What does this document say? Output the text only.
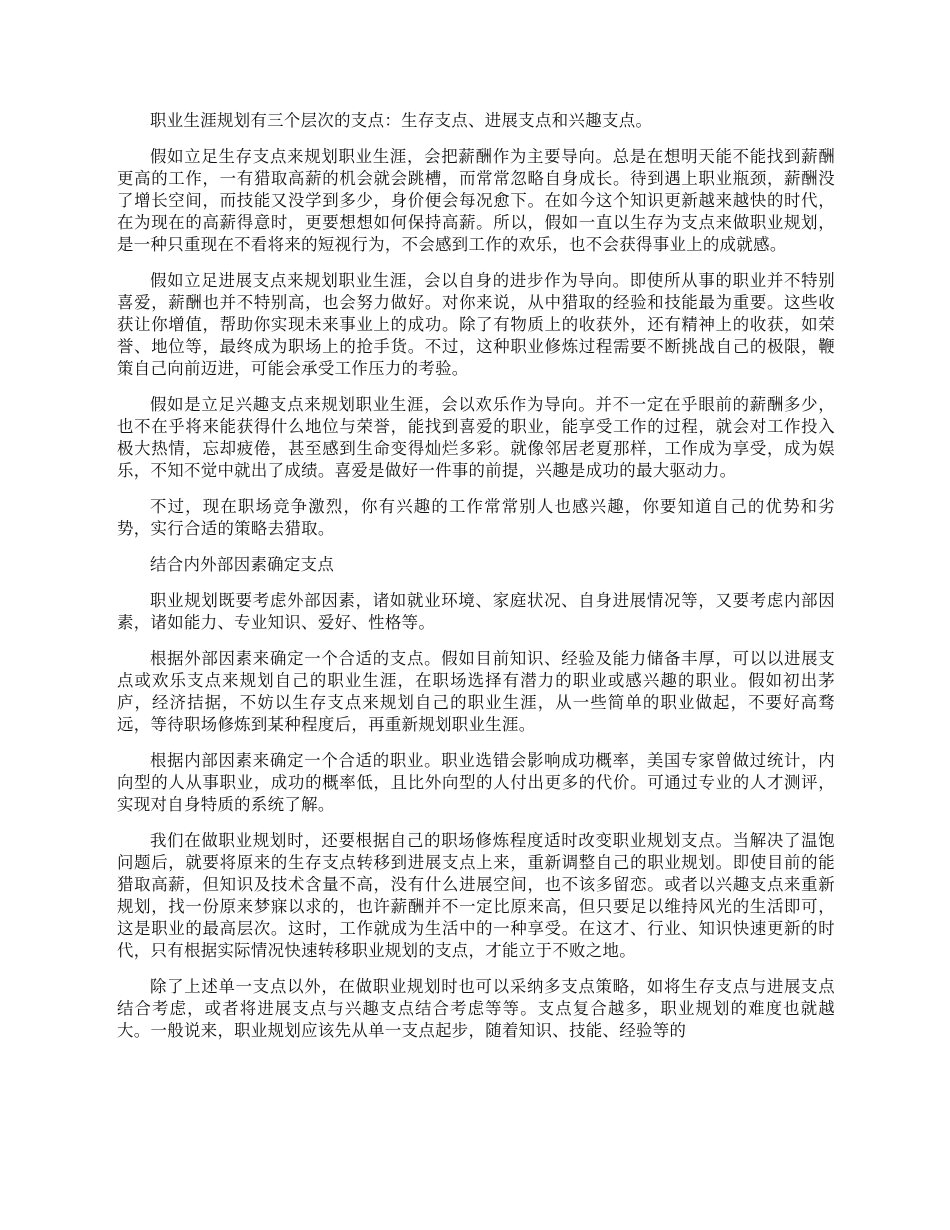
职业生涯规划有三个层次的支点：生存支点、进展支点和兴趣支点。

假如立足生存支点来规划职业生涯，会把薪酬作为主要导向。总是在想明天能不能找到薪酬更高的工作，一有猎取高薪的机会就会跳槽，而常常忽略自身成长。待到遇上职业瓶颈，薪酬没了增长空间，而技能又没学到多少，身价便会每况愈下。在如今这个知识更新越来越快的时代，在为现在的高薪得意时，更要想想如何保持高薪。所以，假如一直以生存为支点来做职业规划，是一种只重现在不看将来的短视行为，不会感到工作的欢乐，也不会获得事业上的成就感。

假如立足进展支点来规划职业生涯，会以自身的进步作为导向。即使所从事的职业并不特别喜爱，薪酬也并不特别高，也会努力做好。对你来说，从中猎取的经验和技能最为重要。这些收获让你增值，帮助你实现未来事业上的成功。除了有物质上的收获外，还有精神上的收获，如荣誉、地位等，最终成为职场上的抢手货。不过，这种职业修炼过程需要不断挑战自己的极限，鞭策自己向前迈进，可能会承受工作压力的考验。

假如是立足兴趣支点来规划职业生涯，会以欢乐作为导向。并不一定在乎眼前的薪酬多少，也不在乎将来能获得什么地位与荣誉，能找到喜爱的职业，能享受工作的过程，就会对工作投入极大热情，忘却疲倦，甚至感到生命变得灿烂多彩。就像邻居老夏那样，工作成为享受，成为娱乐，不知不觉中就出了成绩。喜爱是做好一件事的前提，兴趣是成功的最大驱动力。

不过，现在职场竞争激烈，你有兴趣的工作常常别人也感兴趣，你要知道自己的优势和劣势，实行合适的策略去猎取。

结合内外部因素确定支点

职业规划既要考虑外部因素，诸如就业环境、家庭状况、自身进展情况等，又要考虑内部因素，诸如能力、专业知识、爱好、性格等。

根据外部因素来确定一个合适的支点。假如目前知识、经验及能力储备丰厚，可以以进展支点或欢乐支点来规划自己的职业生涯，在职场选择有潜力的职业或感兴趣的职业。假如初出茅庐，经济拮据，不妨以生存支点来规划自己的职业生涯，从一些简单的职业做起，不要好高骛远，等待职场修炼到某种程度后，再重新规划职业生涯。

根据内部因素来确定一个合适的职业。职业选错会影响成功概率，美国专家曾做过统计，内向型的人从事职业，成功的概率低，且比外向型的人付出更多的代价。可通过专业的人才测评，实现对自身特质的系统了解。

我们在做职业规划时，还要根据自己的职场修炼程度适时改变职业规划支点。当解决了温饱问题后，就要将原来的生存支点转移到进展支点上来，重新调整自己的职业规划。即使目前的能猎取高薪，但知识及技术含量不高，没有什么进展空间，也不该多留恋。或者以兴趣支点来重新规划，找一份原来梦寐以求的，也许薪酬并不一定比原来高，但只要足以维持风光的生活即可，这是职业的最高层次。这时，工作就成为生活中的一种享受。在这才、行业、知识快速更新的时代，只有根据实际情况快速转移职业规划的支点，才能立于不败之地。

除了上述单一支点以外，在做职业规划时也可以采纳多支点策略，如将生存支点与进展支点结合考虑，或者将进展支点与兴趣支点结合考虑等等。支点复合越多，职业规划的难度也就越大。一般说来，职业规划应该先从单一支点起步，随着知识、技能、经验等的
